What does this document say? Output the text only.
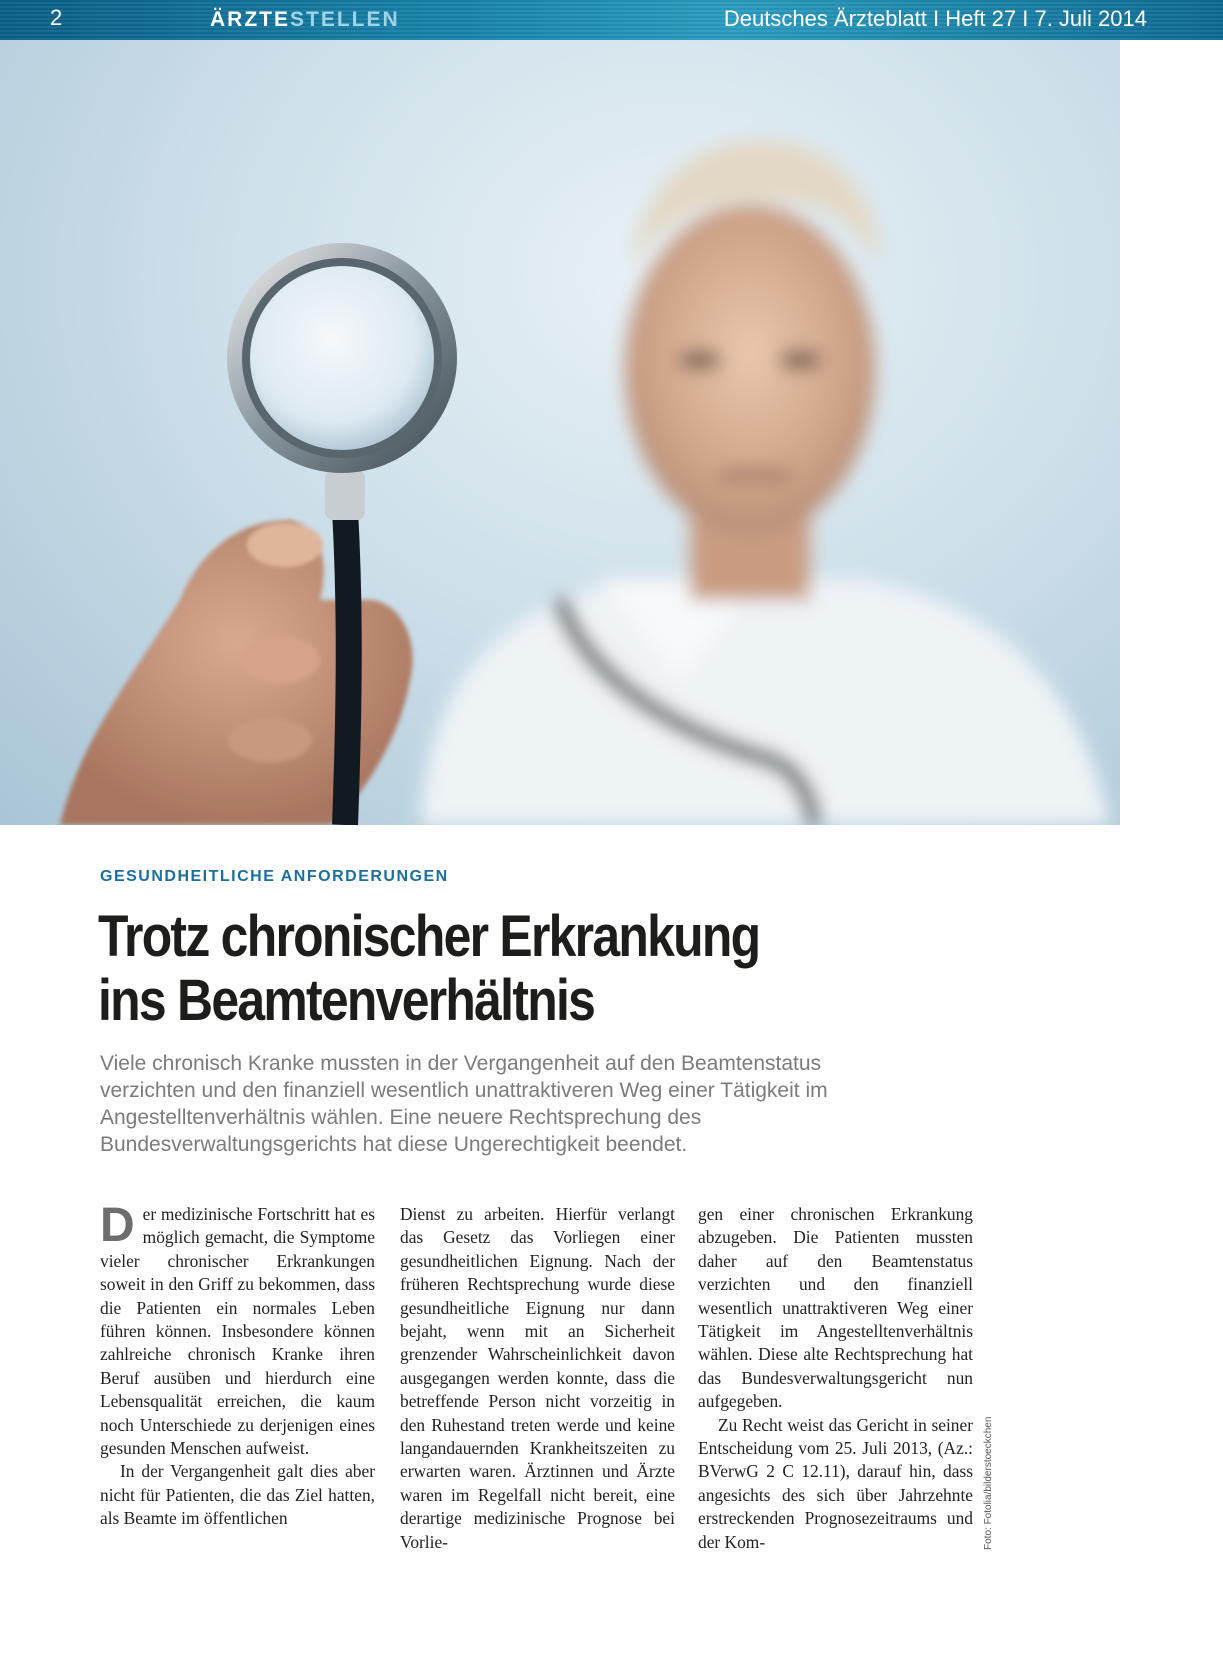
2	ÄRZTESTELLEN	Deutsches Ärzteblatt I Heft 27 I 7. Juli 2014
Foto: Fotolia/bilderstoeckchen
GESUNDHEITLICHE ANFORDERUNGEN
Trotz chronischer Erkrankung
ins Beamtenverhältnis
Viele chronisch Kranke mussten in der Vergangenheit auf den Beamtenstatus verzichten und den finanziell wesentlich unattraktiveren Weg einer Tätigkeit im Angestelltenverhältnis wählen. Eine neuere Rechtsprechung des Bundesverwaltungsgerichts hat diese Ungerechtigkeit beendet.

Der medizinische Fortschritt hat es möglich gemacht, die Symptome vieler chronischer Erkrankungen soweit in den Griff zu bekommen, dass die Patienten ein normales Leben führen können. Insbesondere können zahlreiche chronisch Kranke ihren Beruf ausüben und hierdurch eine Lebensqualität erreichen, die kaum noch Unterschiede zu derjenigen eines gesunden Menschen aufweist.

In der Vergangenheit galt dies aber nicht für Patienten, die das Ziel hatten, als Beamte im öffentlichen

Dienst zu arbeiten. Hierfür verlangt das Gesetz das Vorliegen einer gesundheitlichen Eignung. Nach der früheren Rechtsprechung wurde diese gesundheitliche Eignung nur dann bejaht, wenn mit an Sicherheit grenzender Wahrscheinlichkeit davon ausgegangen werden konnte, dass die betreffende Person nicht vorzeitig in den Ruhestand treten werde und keine langandauernden Krankheitszeiten zu erwarten waren. Ärztinnen und Ärzte waren im Regelfall nicht bereit, eine derartige medizinische Prognose bei Vorlie-

gen einer chronischen Erkrankung abzugeben. Die Patienten mussten daher auf den Beamtenstatus verzichten und den finanziell wesentlich unattraktiveren Weg einer Tätigkeit im Angestelltenverhältnis wählen. Diese alte Rechtsprechung hat das Bundesverwaltungsgericht nun aufgegeben.

Zu Recht weist das Gericht in seiner Entscheidung vom 25. Juli 2013, (Az.: BVerwG 2 C 12.11), darauf hin, dass angesichts des sich über Jahrzehnte erstreckenden Prognosezeitraums und der Kom-
